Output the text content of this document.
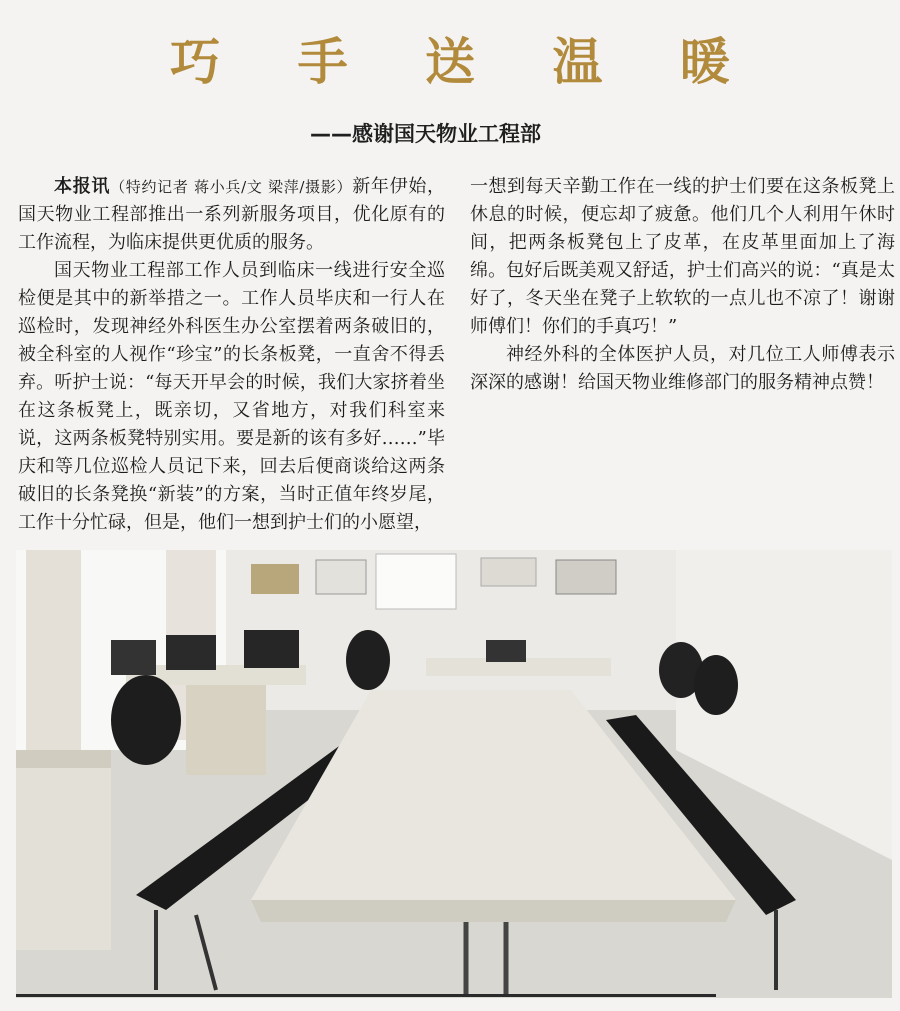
巧 手 送 温 暖
——感谢国天物业工程部

本报讯（特约记者 蒋小兵/文 梁萍/摄影）新年伊始，国天物业工程部推出一系列新服务项目，优化原有的工作流程，为临床提供更优质的服务。

国天物业工程部工作人员到临床一线进行安全巡检便是其中的新举措之一。工作人员毕庆和一行人在巡检时，发现神经外科医生办公室摆着两条破旧的，被全科室的人视作“珍宝”的长条板凳，一直舍不得丢弃。听护士说：“每天开早会的时候，我们大家挤着坐在这条板凳上，既亲切，又省地方，对我们科室来说，这两条板凳特别实用。要是新的该有多好……”毕庆和等几位巡检人员记下来，回去后便商谈给这两条破旧的长条凳换“新装”的方案，当时正值年终岁尾，工作十分忙碌，但是，他们一想到护士们的小愿望，

一想到每天辛勤工作在一线的护士们要在这条板凳上休息的时候，便忘却了疲惫。他们几个人利用午休时间，把两条板凳包上了皮革，在皮革里面加上了海绵。包好后既美观又舒适，护士们高兴的说：“真是太好了，冬天坐在凳子上软软的一点儿也不凉了！谢谢师傅们！你们的手真巧！”

神经外科的全体医护人员，对几位工人师傅表示深深的感谢！给国天物业维修部门的服务精神点赞！
